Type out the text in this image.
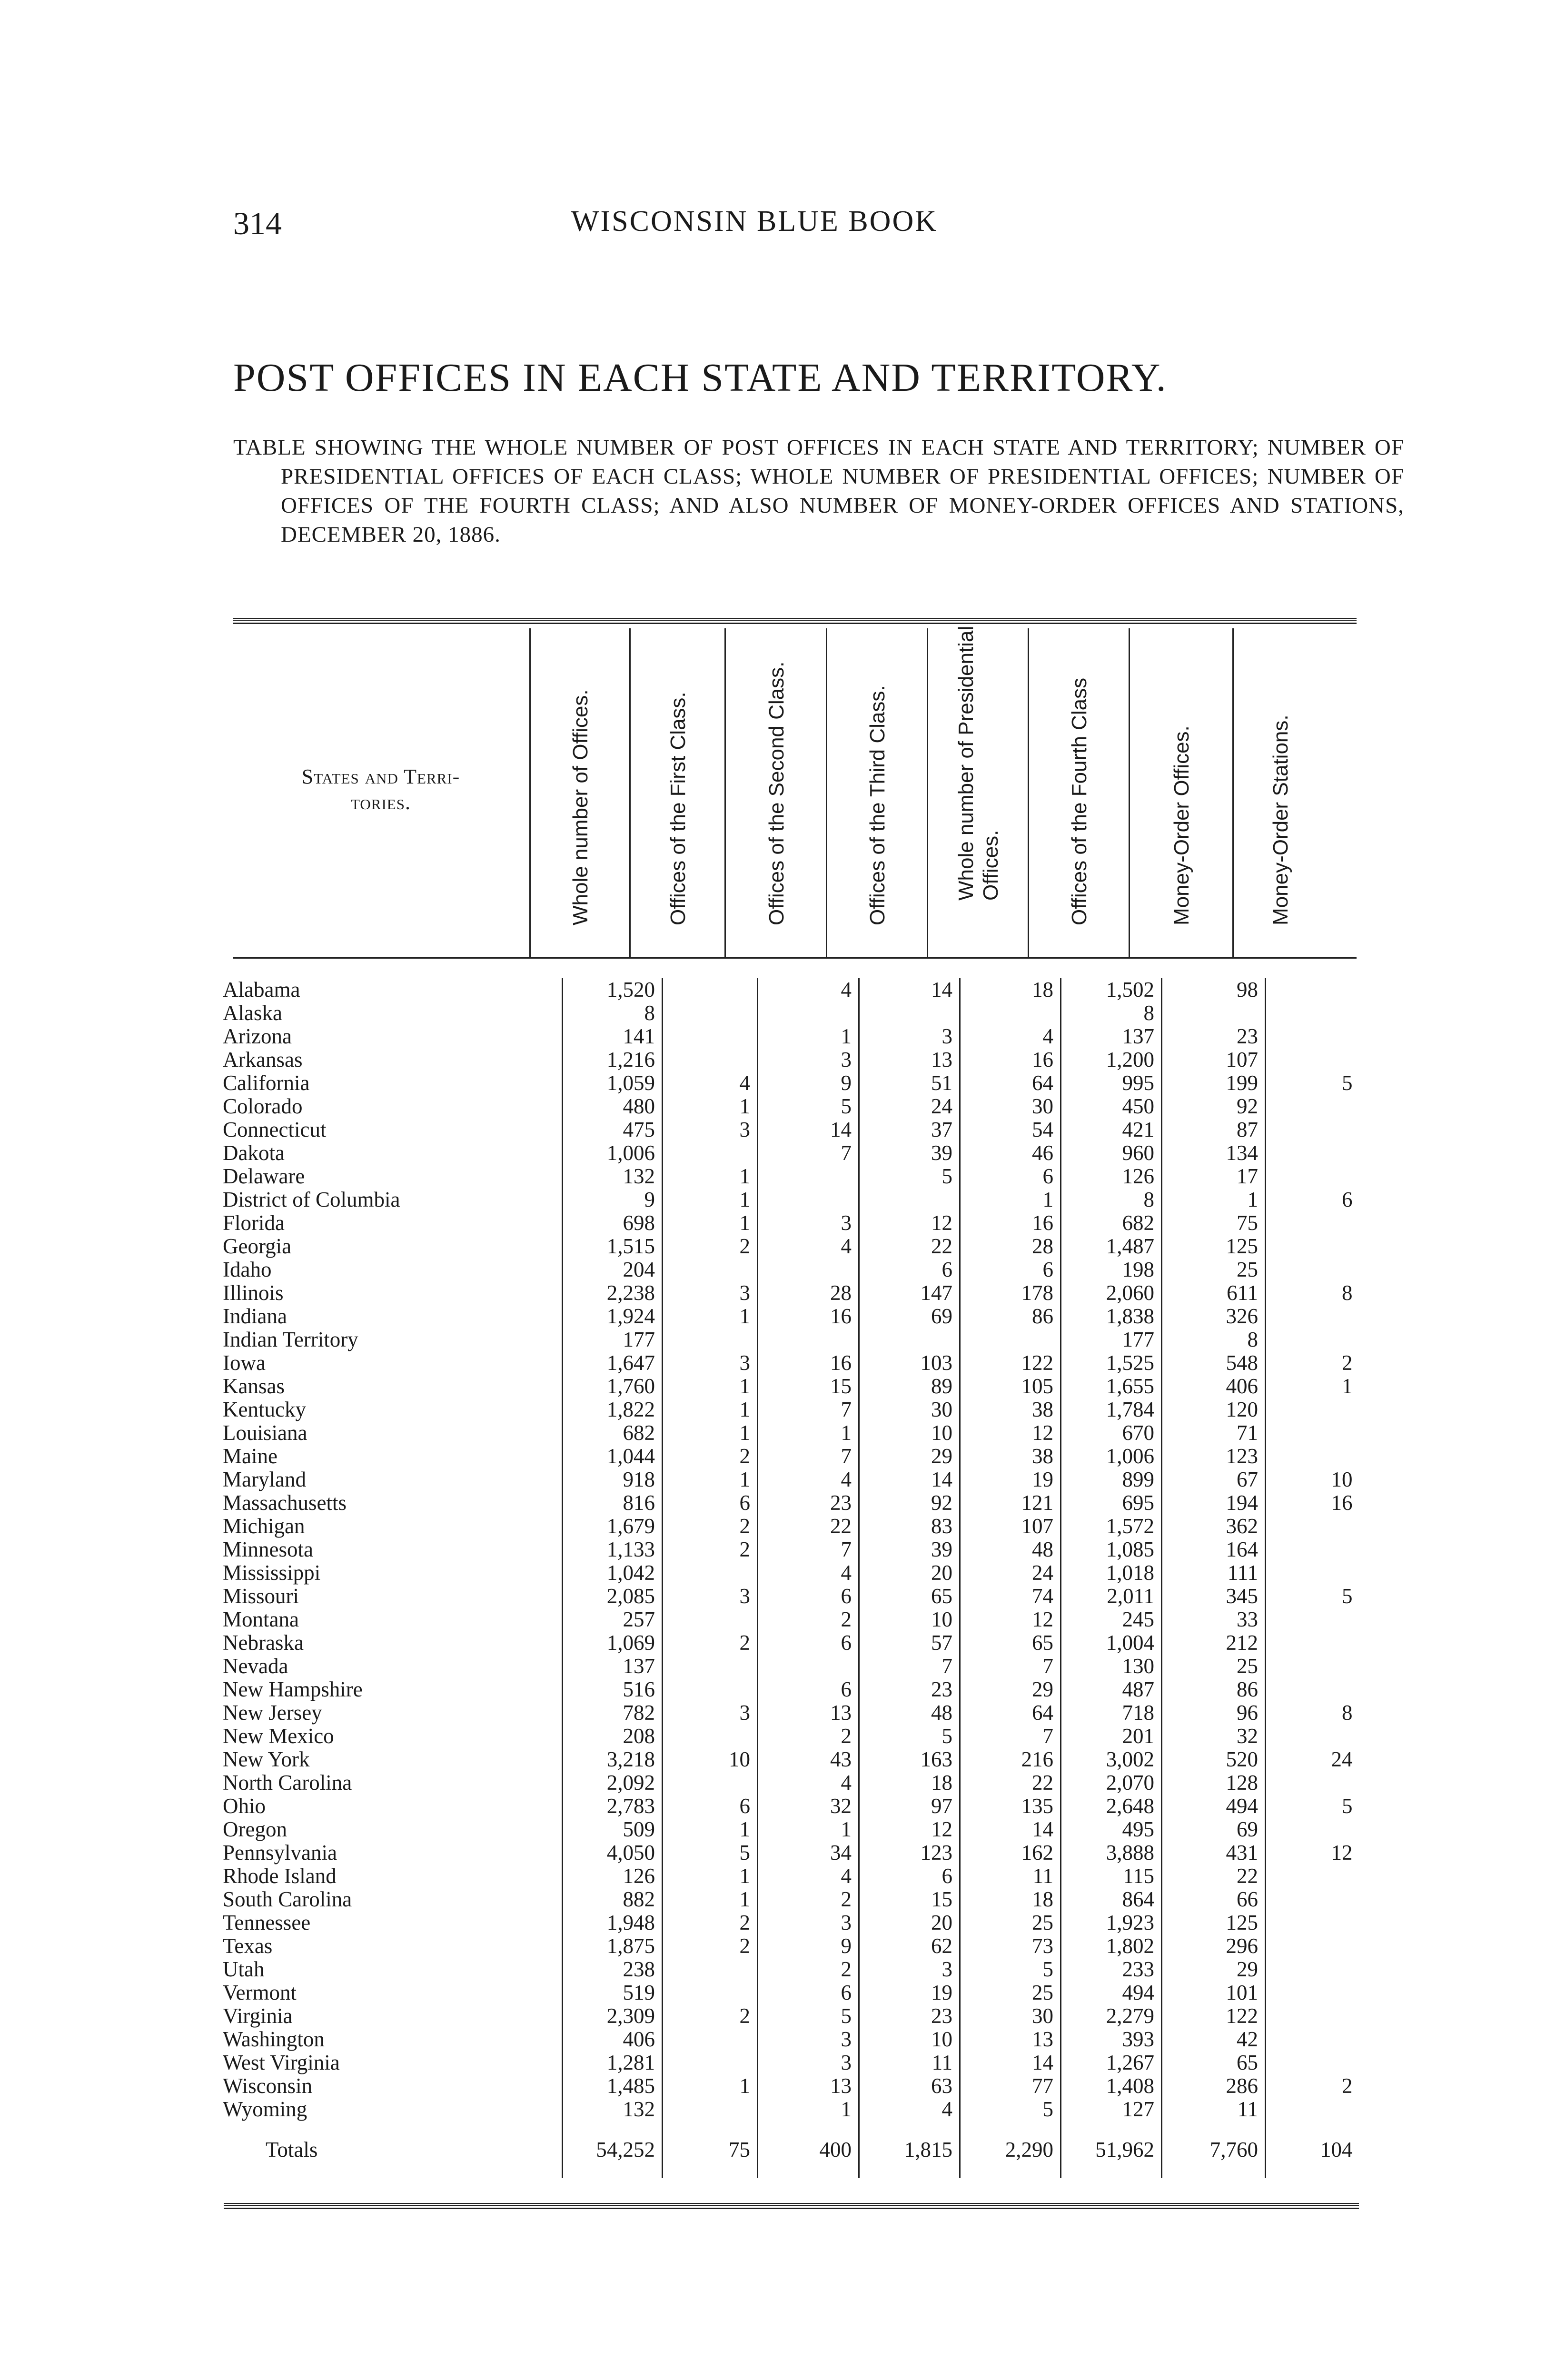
314	WISCONSIN BLUE BOOK
POST OFFICES IN EACH STATE AND TERRITORY.
TABLE SHOWING THE WHOLE NUMBER OF POST OFFICES IN EACH STATE AND TERRITORY; NUMBER OF PRESIDENTIAL OFFICES OF EACH CLASS; WHOLE NUMBER OF PRESIDENTIAL OFFICES; NUMBER OF OFFICES OF THE FOURTH CLASS; AND ALSO NUMBER OF MONEY-ORDER OFFICES AND STATIONS, DECEMBER 20, 1886.
States and Terri-
tories.	Whole number of Offices.	Offices of the First Class.	Offices of the Second Class.	Offices of the Third Class.	Whole number of Presidential Offices.	Offices of the Fourth Class	Money-Order Offices.	Money-Order Stations.
Alabama	1,520		4	14	18	1,502	98	
Alaska	8					8		
Arizona	141		1	3	4	137	23	
Arkansas	1,216		3	13	16	1,200	107	
California	1,059	4	9	51	64	995	199	5
Colorado	480	1	5	24	30	450	92	
Connecticut	475	3	14	37	54	421	87	
Dakota	1,006		7	39	46	960	134	
Delaware	132	1		5	6	126	17	
District of Columbia	9	1			1	8	1	6
Florida	698	1	3	12	16	682	75	
Georgia	1,515	2	4	22	28	1,487	125	
Idaho	204			6	6	198	25	
Illinois	2,238	3	28	147	178	2,060	611	8
Indiana	1,924	1	16	69	86	1,838	326	
Indian Territory	177					177	8	
Iowa	1,647	3	16	103	122	1,525	548	2
Kansas	1,760	1	15	89	105	1,655	406	1
Kentucky	1,822	1	7	30	38	1,784	120	
Louisiana	682	1	1	10	12	670	71	
Maine	1,044	2	7	29	38	1,006	123	
Maryland	918	1	4	14	19	899	67	10
Massachusetts	816	6	23	92	121	695	194	16
Michigan	1,679	2	22	83	107	1,572	362	
Minnesota	1,133	2	7	39	48	1,085	164	
Mississippi	1,042		4	20	24	1,018	111	
Missouri	2,085	3	6	65	74	2,011	345	5
Montana	257		2	10	12	245	33	
Nebraska	1,069	2	6	57	65	1,004	212	
Nevada	137			7	7	130	25	
New Hampshire	516		6	23	29	487	86	
New Jersey	782	3	13	48	64	718	96	8
New Mexico	208		2	5	7	201	32	
New York	3,218	10	43	163	216	3,002	520	24
North Carolina	2,092		4	18	22	2,070	128	
Ohio	2,783	6	32	97	135	2,648	494	5
Oregon	509	1	1	12	14	495	69	
Pennsylvania	4,050	5	34	123	162	3,888	431	12
Rhode Island	126	1	4	6	11	115	22	
South Carolina	882	1	2	15	18	864	66	
Tennessee	1,948	2	3	20	25	1,923	125	
Texas	1,875	2	9	62	73	1,802	296	
Utah	238		2	3	5	233	29	
Vermont	519		6	19	25	494	101	
Virginia	2,309	2	5	23	30	2,279	122	
Washington	406		3	10	13	393	42	
West Virginia	1,281		3	11	14	1,267	65	
Wisconsin	1,485	1	13	63	77	1,408	286	2
Wyoming	132		1	4	5	127	11	
Totals	54,252	75	400	1,815	2,290	51,962	7,760	104
